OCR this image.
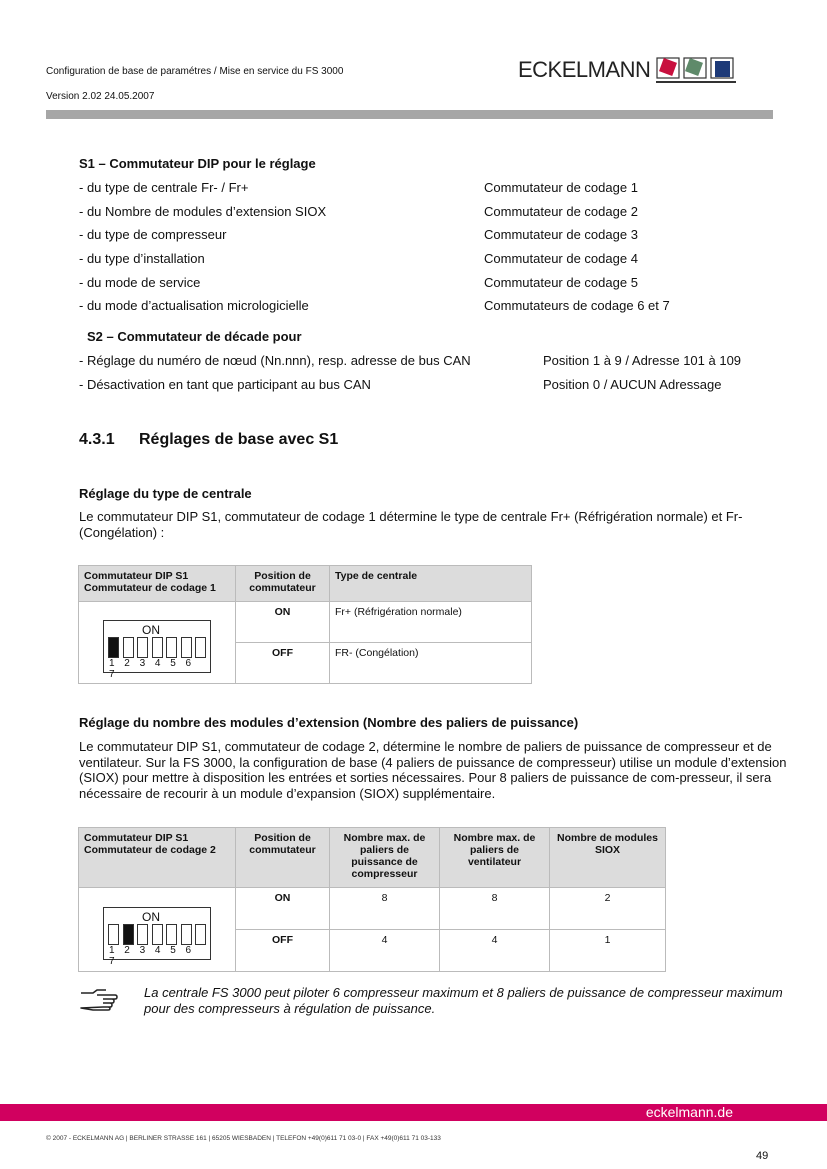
Configuration de base de paramétres / Mise en service du FS 3000
Version 2.02 24.05.2007
ECKELMANN
S1 – Commutateur DIP pour le réglage
- du type de centrale Fr- / Fr+	Commutateur de codage 1
- du Nombre de modules d’extension SIOX	Commutateur de codage 2
- du type de compresseur	Commutateur de codage 3
- du type d’installation	Commutateur de codage 4
- du mode de service	Commutateur de codage 5
- du mode d’actualisation micrologicielle	Commutateurs de codage 6 et 7
S2 – Commutateur de décade pour
- Réglage du numéro de nœud (Nn.nnn), resp. adresse de bus CAN	Position 1 à 9 / Adresse 101 à 109
- Désactivation en tant que participant au bus CAN	Position 0 / AUCUN Adressage
4.3.1 Réglages de base avec S1
Réglage du type de centrale
Le commutateur DIP S1, commutateur de codage 1 détermine le type de centrale Fr+ (Réfrigération normale) et Fr- (Congélation) :
Commutateur DIP S1
Commutateur de codage 1	Position de commutateur	Type de centrale

ON
1 2 3 4 5 67	ON	Fr+ (Réfrigération normale)
	OFF	FR- (Congélation)
Réglage du nombre des modules d’extension (Nombre des paliers de puissance)
Le commutateur DIP S1, commutateur de codage 2, détermine le nombre de paliers de puissance de compresseur et de ventilateur. Sur la FS 3000, la configuration de base (4 paliers de puissance de compresseur) utilise un module d’extension (SIOX) pour mettre à disposition les entrées et sorties nécessaires. Pour 8 paliers de puissance de com-presseur, il sera nécessaire de recourir à un module d’expansion (SIOX) supplémentaire.
Commutateur DIP S1
Commutateur de codage 2	Position de commutateur	Nombre max. de paliers de puissance de compresseur	Nombre max. de paliers de ventilateur	Nombre de modules SIOX

ON
1 2 3 4 5 67	ON	8	8	2
	OFF	4	4	1
La centrale FS 3000 peut piloter 6 compresseur maximum et 8 paliers de puissance de compresseur maximum pour des compresseurs à régulation de puissance.
eckelmann.de
© 2007 - ECKELMANN AG | BERLINER STRASSE 161 | 65205 WIESBADEN | TELEFON +49(0)611 71 03-0 | FAX +49(0)611 71 03-133
49
